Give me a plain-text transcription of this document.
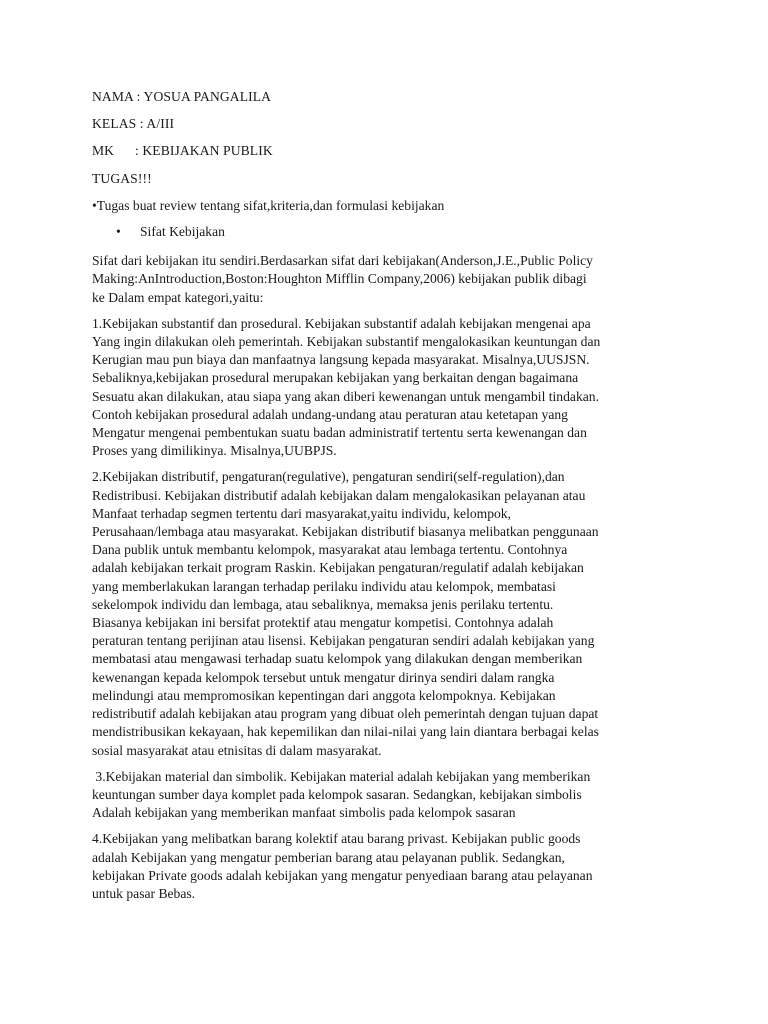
NAMA : YOSUA PANGALILA
KELAS : A/III
MK : KEBIJAKAN PUBLIK
TUGAS!!!
•Tugas buat review tentang sifat,kriteria,dan formulasi kebijakan
• Sifat Kebijakan
Sifat dari kebijakan itu sendiri.Berdasarkan sifat dari kebijakan(Anderson,J.E.,Public Policy
Making:AnIntroduction,Boston:Houghton Mifflin Company,2006) kebijakan publik dibagi
ke Dalam empat kategori,yaitu:
1.Kebijakan substantif dan prosedural. Kebijakan substantif adalah kebijakan mengenai apa
Yang ingin dilakukan oleh pemerintah. Kebijakan substantif mengalokasikan keuntungan dan
Kerugian mau pun biaya dan manfaatnya langsung kepada masyarakat. Misalnya,UUSJSN.
Sebaliknya,kebijakan prosedural merupakan kebijakan yang berkaitan dengan bagaimana
Sesuatu akan dilakukan, atau siapa yang akan diberi kewenangan untuk mengambil tindakan.
Contoh kebijakan prosedural adalah undang-undang atau peraturan atau ketetapan yang
Mengatur mengenai pembentukan suatu badan administratif tertentu serta kewenangan dan
Proses yang dimilikinya. Misalnya,UUBPJS.
2.Kebijakan distributif, pengaturan(regulative), pengaturan sendiri(self-regulation),dan
Redistribusi. Kebijakan distributif adalah kebijakan dalam mengalokasikan pelayanan atau
Manfaat terhadap segmen tertentu dari masyarakat,yaitu individu, kelompok,
Perusahaan/lembaga atau masyarakat. Kebijakan distributif biasanya melibatkan penggunaan
Dana publik untuk membantu kelompok, masyarakat atau lembaga tertentu. Contohnya
adalah kebijakan terkait program Raskin. Kebijakan pengaturan/regulatif adalah kebijakan
yang memberlakukan larangan terhadap perilaku individu atau kelompok, membatasi
sekelompok individu dan lembaga, atau sebaliknya, memaksa jenis perilaku tertentu.
Biasanya kebijakan ini bersifat protektif atau mengatur kompetisi. Contohnya adalah
peraturan tentang perijinan atau lisensi. Kebijakan pengaturan sendiri adalah kebijakan yang
membatasi atau mengawasi terhadap suatu kelompok yang dilakukan dengan memberikan
kewenangan kepada kelompok tersebut untuk mengatur dirinya sendiri dalam rangka
melindungi atau mempromosikan kepentingan dari anggota kelompoknya. Kebijakan
redistributif adalah kebijakan atau program yang dibuat oleh pemerintah dengan tujuan dapat
mendistribusikan kekayaan, hak kepemilikan dan nilai-nilai yang lain diantara berbagai kelas
sosial masyarakat atau etnisitas di dalam masyarakat.
3.Kebijakan material dan simbolik. Kebijakan material adalah kebijakan yang memberikan
keuntungan sumber daya komplet pada kelompok sasaran. Sedangkan, kebijakan simbolis
Adalah kebijakan yang memberikan manfaat simbolis pada kelompok sasaran
4.Kebijakan yang melibatkan barang kolektif atau barang privast. Kebijakan public goods
adalah Kebijakan yang mengatur pemberian barang atau pelayanan publik. Sedangkan,
kebijakan Private goods adalah kebijakan yang mengatur penyediaan barang atau pelayanan
untuk pasar Bebas.
